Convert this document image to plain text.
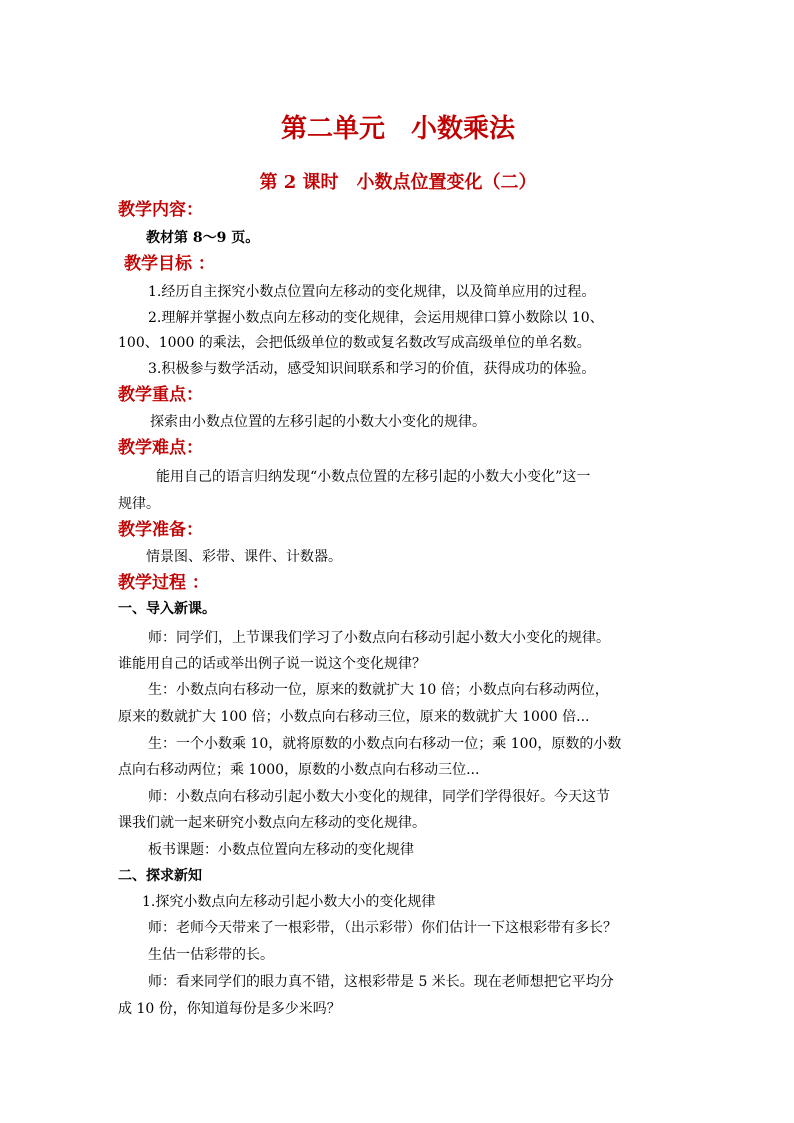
第二单元　小数乘法
第 2 课时　小数点位置变化（二）
教学内容：
教材第 8～9 页。
教学目标 ：
1.经历自主探究小数点位置向左移动的变化规律，以及简单应用的过程。
2.理解并掌握小数点向左移动的变化规律，会运用规律口算小数除以 10、
100、1000 的乘法，会把低级单位的数或复名数改写成高级单位的单名数。
3.积极参与数学活动，感受知识间联系和学习的价值，获得成功的体验。
教学重点：
探索由小数点位置的左移引起的小数大小变化的规律。
教学难点：
能用自己的语言归纳发现“小数点位置的左移引起的小数大小变化”这一
规律。
教学准备：
情景图、彩带、课件、计数器。
教学过程 ：
一、导入新课。
师：同学们，上节课我们学习了小数点向右移动引起小数大小变化的规律。
谁能用自己的话或举出例子说一说这个变化规律？
生：小数点向右移动一位，原来的数就扩大 10 倍；小数点向右移动两位，
原来的数就扩大 100 倍；小数点向右移动三位，原来的数就扩大 1000 倍...
生：一个小数乘 10，就将原数的小数点向右移动一位；乘 100，原数的小数
点向右移动两位；乘 1000，原数的小数点向右移动三位...
师：小数点向右移动引起小数大小变化的规律，同学们学得很好。今天这节
课我们就一起来研究小数点向左移动的变化规律。
板书课题：小数点位置向左移动的变化规律
二、探求新知
1.探究小数点向左移动引起小数大小的变化规律
师：老师今天带来了一根彩带，（出示彩带）你们估计一下这根彩带有多长？
生估一估彩带的长。
师：看来同学们的眼力真不错，这根彩带是 5 米长。现在老师想把它平均分
成 10 份，你知道每份是多少米吗？
